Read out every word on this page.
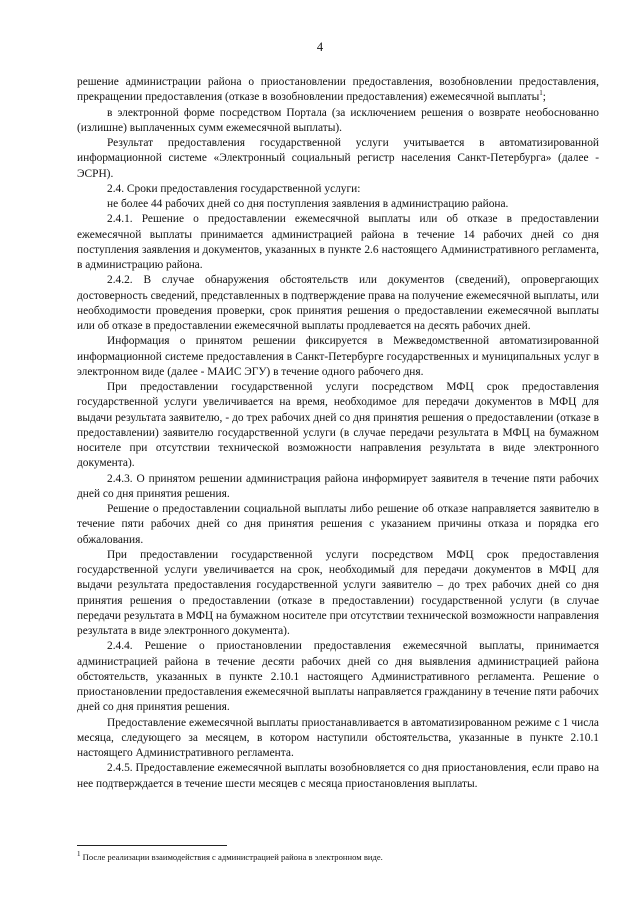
4

решение администрации района о приостановлении предоставления, возобновлении предоставления, прекращении предоставления (отказе в возобновлении предоставления) ежемесячной выплаты$^1$;

в электронной форме посредством Портала (за исключением решения о возврате необоснованно (излишне) выплаченных сумм ежемесячной выплаты).

Результат предоставления государственной услуги учитывается в автоматизированной информационной системе «Электронный социальный регистр населения Санкт-Петербурга» (далее - ЭСРН).

2.4. Сроки предоставления государственной услуги:

не более 44 рабочих дней со дня поступления заявления в администрацию района.

2.4.1. Решение о предоставлении ежемесячной выплаты или об отказе в предоставлении ежемесячной выплаты принимается администрацией района в течение 14 рабочих дней со дня поступления заявления и документов, указанных в пункте 2.6 настоящего Административного регламента, в администрацию района.

2.4.2. В случае обнаружения обстоятельств или документов (сведений), опровергающих достоверность сведений, представленных в подтверждение права на получение ежемесячной выплаты, или необходимости проведения проверки, срок принятия решения о предоставлении ежемесячной выплаты или об отказе в предоставлении ежемесячной выплаты продлевается на десять рабочих дней.

Информация о принятом решении фиксируется в Межведомственной автоматизированной информационной системе предоставления в Санкт-Петербурге государственных и муниципальных услуг в электронном виде (далее - МАИС ЭГУ) в течение одного рабочего дня.

При предоставлении государственной услуги посредством МФЦ срок предоставления государственной услуги увеличивается на время, необходимое для передачи документов в МФЦ для выдачи результата заявителю, - до трех рабочих дней со дня принятия решения о предоставлении (отказе в предоставлении) заявителю государственной услуги (в случае передачи результата в МФЦ на бумажном носителе при отсутствии технической возможности направления результата в виде электронного документа).

2.4.3. О принятом решении администрация района информирует заявителя в течение пяти рабочих дней со дня принятия решения.

Решение о предоставлении социальной выплаты либо решение об отказе направляется заявителю в течение пяти рабочих дней со дня принятия решения с указанием причины отказа и порядка его обжалования.

При предоставлении государственной услуги посредством МФЦ срок предоставления государственной услуги увеличивается на срок, необходимый для передачи документов в МФЦ для выдачи результата предоставления государственной услуги заявителю – до трех рабочих дней со дня принятия решения о предоставлении (отказе в предоставлении) государственной услуги (в случае передачи результата в МФЦ на бумажном носителе при отсутствии технической возможности направления результата в виде электронного документа).

2.4.4. Решение о приостановлении предоставления ежемесячной выплаты, принимается администрацией района в течение десяти рабочих дней со дня выявления администрацией района обстоятельств, указанных в пункте 2.10.1 настоящего Административного регламента. Решение о приостановлении предоставления ежемесячной выплаты направляется гражданину в течение пяти рабочих дней со дня принятия решения.

Предоставление ежемесячной выплаты приостанавливается в автоматизированном режиме с 1 числа месяца, следующего за месяцем, в котором наступили обстоятельства, указанные в пункте 2.10.1 настоящего Административного регламента.

2.4.5. Предоставление ежемесячной выплаты возобновляется со дня приостановления, если право на нее подтверждается в течение шести месяцев с месяца приостановления выплаты.

$^1$ После реализации взаимодействия с администрацией района в электронном виде.
